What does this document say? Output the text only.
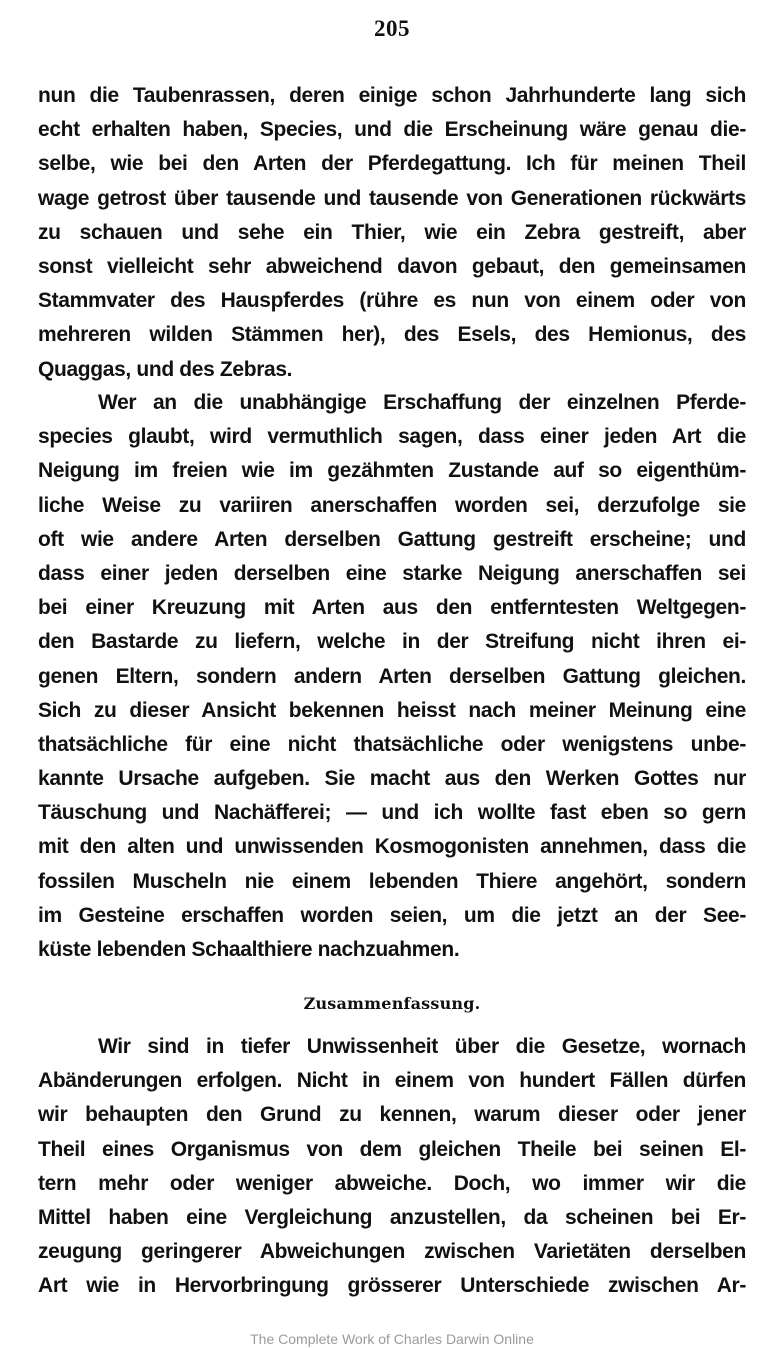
205
nun die Taubenrassen, deren einige schon Jahrhunderte lang sich
echt erhalten haben, Species, und die Erscheinung wäre genau die-
selbe, wie bei den Arten der Pferdegattung. Ich für meinen Theil
wage getrost über tausende und tausende von Generationen rückwärts
zu schauen und sehe ein Thier, wie ein Zebra gestreift, aber
sonst vielleicht sehr abweichend davon gebaut, den gemeinsamen
Stammvater des Hauspferdes (rühre es nun von einem oder von
mehreren wilden Stämmen her), des Esels, des Hemionus, des
Quaggas, und des Zebras.
Wer an die unabhängige Erschaffung der einzelnen Pferde-
species glaubt, wird vermuthlich sagen, dass einer jeden Art die
Neigung im freien wie im gezähmten Zustande auf so eigenthüm-
liche Weise zu variiren anerschaffen worden sei, derzufolge sie
oft wie andere Arten derselben Gattung gestreift erscheine; und
dass einer jeden derselben eine starke Neigung anerschaffen sei
bei einer Kreuzung mit Arten aus den entferntesten Weltgegen-
den Bastarde zu liefern, welche in der Streifung nicht ihren ei-
genen Eltern, sondern andern Arten derselben Gattung gleichen.
Sich zu dieser Ansicht bekennen heisst nach meiner Meinung eine
thatsächliche für eine nicht thatsächliche oder wenigstens unbe-
kannte Ursache aufgeben. Sie macht aus den Werken Gottes nur
Täuschung und Nachäfferei; — und ich wollte fast eben so gern
mit den alten und unwissenden Kosmogonisten annehmen, dass die
fossilen Muscheln nie einem lebenden Thiere angehört, sondern
im Gesteine erschaffen worden seien, um die jetzt an der See-
küste lebenden Schaalthiere nachzuahmen.
Zusammenfassung.
Wir sind in tiefer Unwissenheit über die Gesetze, wornach
Abänderungen erfolgen. Nicht in einem von hundert Fällen dürfen
wir behaupten den Grund zu kennen, warum dieser oder jener
Theil eines Organismus von dem gleichen Theile bei seinen El-
tern mehr oder weniger abweiche. Doch, wo immer wir die
Mittel haben eine Vergleichung anzustellen, da scheinen bei Er-
zeugung geringerer Abweichungen zwischen Varietäten derselben
Art wie in Hervorbringung grösserer Unterschiede zwischen Ar-
The Complete Work of Charles Darwin Online
